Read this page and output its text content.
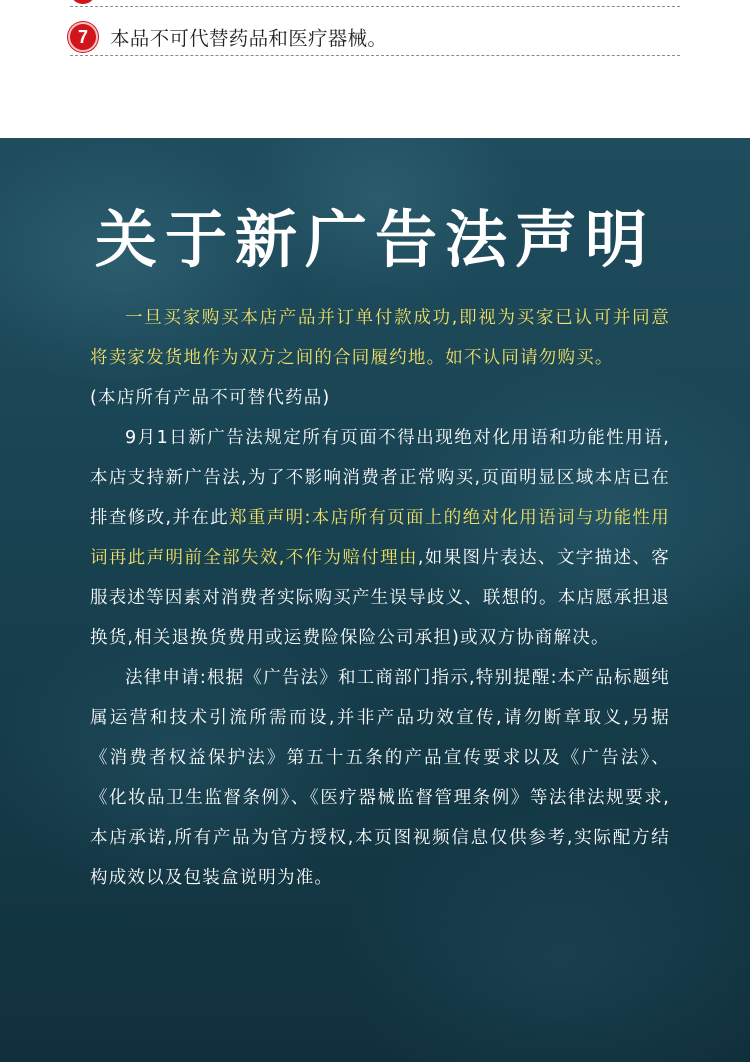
7	本品不可代替药品和医疗器械。
关于新广告法声明

一旦买家购买本店产品并订单付款成功,即视为买家已认可并同意将卖家发货地作为双方之间的合同履约地。如不认同请勿购买。

(本店所有产品不可替代药品)

9月1日新广告法规定所有页面不得出现绝对化用语和功能性用语,本店支持新广告法,为了不影响消费者正常购买,页面明显区域本店已在排查修改,并在此郑重声明:本店所有页面上的绝对化用语词与功能性用词再此声明前全部失效,不作为赔付理由,如果图片表达、文字描述、客服表述等因素对消费者实际购买产生误导歧义、联想的。本店愿承担退换货,相关退换货费用或运费险保险公司承担)或双方协商解决。

法律申请:根据《广告法》和工商部门指示,特别提醒:本产品标题纯属运营和技术引流所需而设,并非产品功效宣传,请勿断章取义,另据《消费者权益保护法》第五十五条的产品宣传要求以及《广告法》、《化妆品卫生监督条例》、《医疗器械监督管理条例》等法律法规要求,本店承诺,所有产品为官方授权,本页图视频信息仅供参考,实际配方结构成效以及包装盒说明为准。
